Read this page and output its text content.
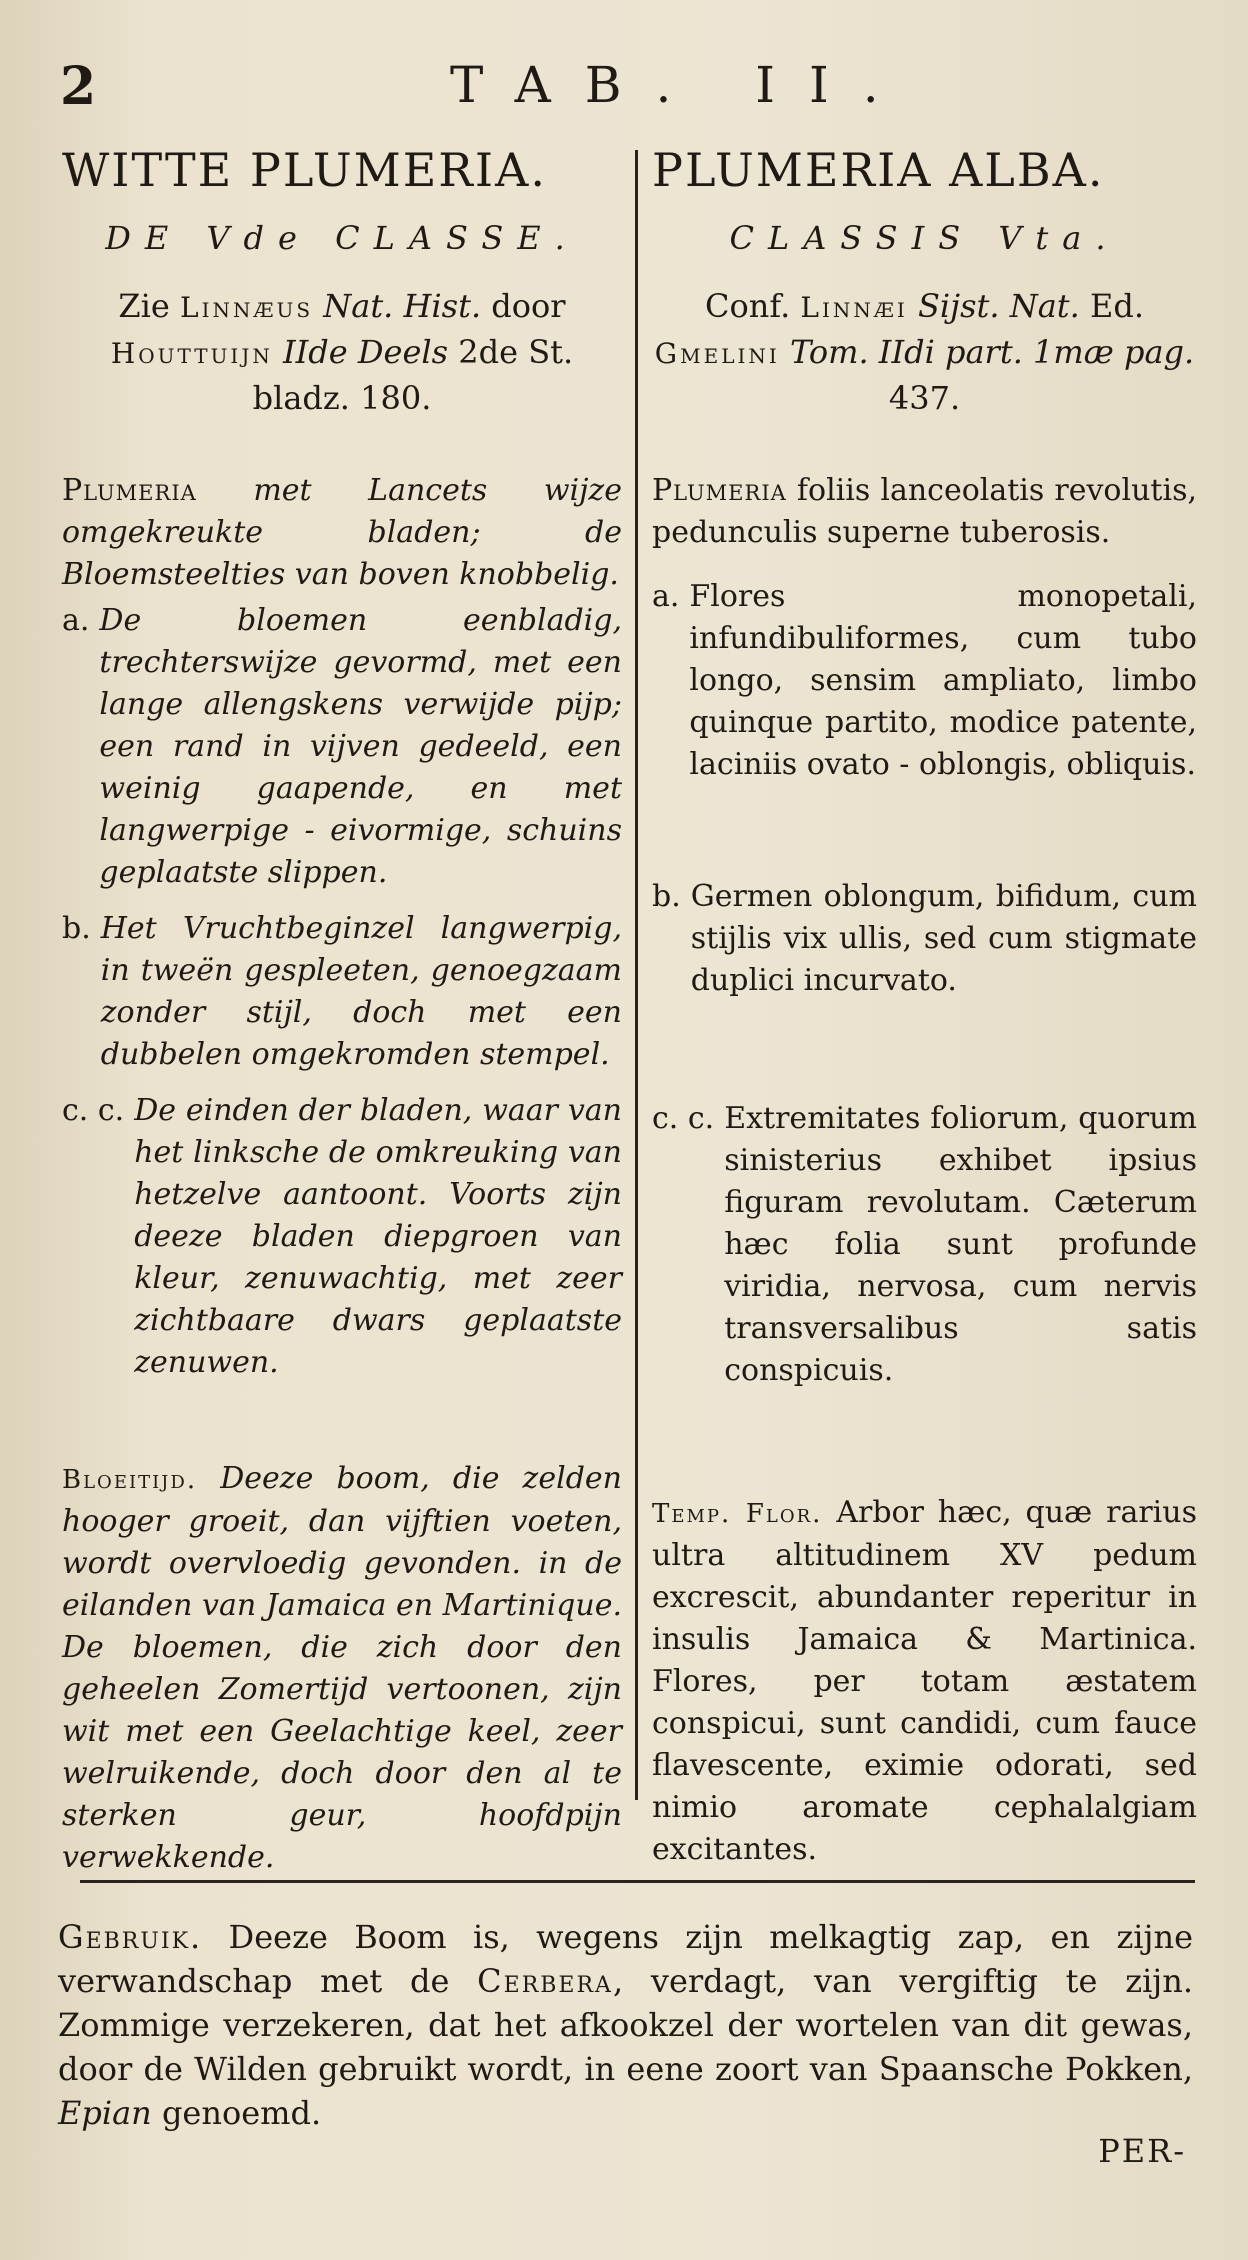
2	TAB. II.
WITTE PLUMERIA.
DE Vde CLASSE.
Zie Linnæus Nat. Hist. door Houttuijn IIde Deels 2de St. bladz. 180.
Plumeria met Lancets wijze omgekreukte bladen; de Bloemsteelties van boven knobbelig.
a. De bloemen eenbladig, trechterswijze gevormd, met een lange allengskens verwijde pijp; een rand in vijven gedeeld, een weinig gaapende, en met langwerpige - eivormige, schuins geplaatste slippen.
b. Het Vruchtbeginzel langwerpig, in tweën gespleeten, genoegzaam zonder stijl, doch met een dubbelen omgekromden stempel.
c. c. De einden der bladen, waar van het linksche de omkreuking van hetzelve aantoont. Voorts zijn deeze bladen diepgroen van kleur, zenuwachtig, met zeer zichtbaare dwars geplaatste zenuwen.
Bloeitijd. Deeze boom, die zelden hooger groeit, dan vijftien voeten, wordt overvloedig gevonden. in de eilanden van Jamaica en Martinique. De bloemen, die zich door den geheelen Zomertijd vertoonen, zijn wit met een Geelachtige keel, zeer welruikende, doch door den al te sterken geur, hoofdpijn verwekkende.
PLUMERIA ALBA.
CLASSIS Vta.
Conf. Linnæi Sijst. Nat. Ed. Gmelini Tom. IIdi part. 1mæ pag. 437.
Plumeria foliis lanceolatis revolutis, pedunculis superne tuberosis.
a. Flores monopetali, infundibuliformes, cum tubo longo, sensim ampliato, limbo quinque partito, modice patente, laciniis ovato - oblongis, obliquis.
b. Germen oblongum, bifidum, cum stijlis vix ullis, sed cum stigmate duplici incurvato.
c. c. Extremitates foliorum, quorum sinisterius exhibet ipsius figuram revolutam. Cæterum hæc folia sunt profunde viridia, nervosa, cum nervis transversalibus satis conspicuis.
Temp. Flor. Arbor hæc, quæ rarius ultra altitudinem XV pedum excrescit, abundanter reperitur in insulis Jamaica & Martinica. Flores, per totam æstatem conspicui, sunt candidi, cum fauce flavescente, eximie odorati, sed nimio aromate cephalalgiam excitantes.
Gebruik. Deeze Boom is, wegens zijn melkagtig zap, en zijne verwandschap met de Cerbera, verdagt, van vergiftig te zijn. Zommige verzekeren, dat het afkookzel der wortelen van dit gewas, door de Wilden gebruikt wordt, in eene zoort van Spaansche Pokken, Epian genoemd.
PER-
